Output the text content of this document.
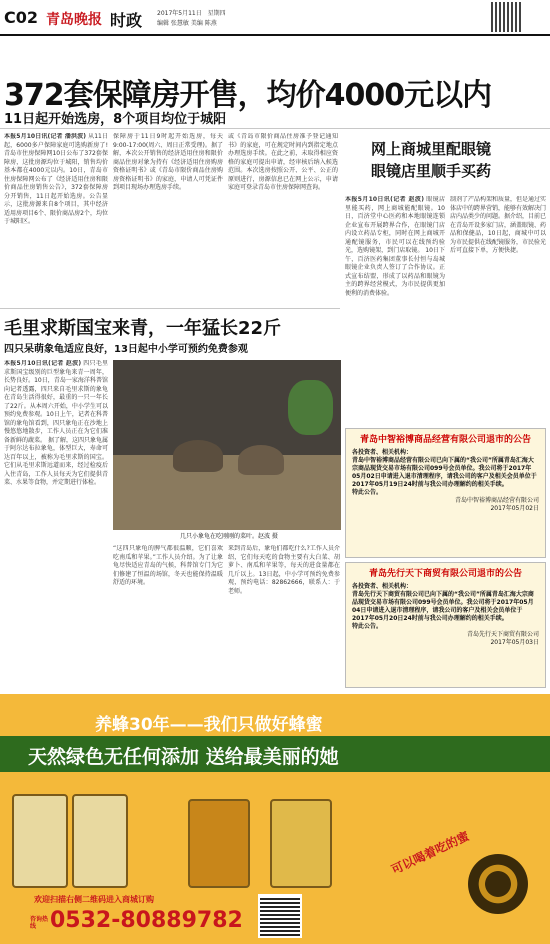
C02 青岛晚报 时政 2017年5月11日 星期四
编辑 张慧敏 美编 陈燕
372套保障房开售，均价4000元以内
11日起开始选房，8个项目均位于城阳
本报5月10日讯(记者 潘洪波) 从11日起，6000多户保障家庭可选购新房了!青岛市住房保障网10日公布了372套保障房，这批房源均位于城阳，销售均价基本都在4000元以内。10日，青岛市住房保障网公布了《经济适用住房和限价商品住房销售公告》，372套保障房分开销售，11日起开始选房。公告显示，这批房源来自8个项目，其中经济适用房项目6个、限价商品房2个，均位于城阳区。
保障房于11日9时起开始选房，每天9:00-17:00(周六、周日正常受理)。据了解，本次公开销售的经济适用住房和限价商品住房对象为持有《经济适用住房购房资格证明书》或《青岛市限价商品住房购房资格证明书》的家庭，申请人可凭证件到项目现场办理选房手续。
或《青岛市限价商品住房准予登记通知书》的家庭，可在规定时间内到指定地点办理选房手续。在此之前，未取得相应资格的家庭可提出申请，经审核后纳入候选范围。本次选房按照公开、公平、公正的原则进行，房源信息已在网上公示，申请家庭可登录青岛市住房保障网查询。
网上商城里配眼镜
眼镜店里顺手买药
本报5月10日讯(记者 赵波) 眼镜店里能买药，网上商城能配眼镜。10日，百济堂中心医药和本地眼镜连锁企业宣布开展跨界合作，在眼镜门店内设立药品专柜，同时在网上商城开通配镜服务，市民可以在线预约验光，选购镜架，到门店取镜。 10日下午，百济医药集团董事长付恒与岛城眼镜企业负责人签订了合作协议。正式宣布结盟，形成了以药品和眼镜为主的跨界经营模式，为市民提供更加便利的消费体验。
制剂了产品构架和质量，但是通过实体店中的跨界营销，能够有效解决门店内品类少的问题。据介绍，目前已在青岛开设多家门店，涵盖眼镜、药品和保健品，10日起，商城中可以为市民提供在线配镜服务，市民验光后可直接下单，方便快捷。
毛里求斯国宝来青，一年猛长22斤
四只呆萌象龟适应良好，13日起中小学可预约免费参观
本报5月10日讯(记者 赵波) 四只毛里求斯国宝级别的巨型象龟来青一周年，长势良好。10日，青岛一家海洋科普馆向记者透露，四只来自毛里求斯的象龟在青岛生活得很好，最重的一只一年长了22斤。从本周六开始，中小学生可以预约免费参观。10日上午，记者在科普馆的象龟馆看到，四只象龟正在沙地上慢悠悠地散步，工作人员正在为它们准备新鲜的蔬菜。 据了解，这四只象龟属于阿尔达布拉象龟，体型巨大，寿命可达百年以上，被称为毛里求斯的国宝。它们从毛里求斯远道而来，经过检疫后入住青岛，工作人员每天为它们提供青菜、水果等食物，并定期进行体检。
几只小象龟在吃刚刚的菜叶。赵波 摄
“这四只象龟的脾气都很温顺，它们喜欢吃南瓜和苹果。”工作人员介绍。为了让象龟尽快适应青岛的气候，科普馆专门为它们修建了恒温的场馆，冬天也能保持温暖舒适的环境。
来到青岛后，象龟们都吃什么?工作人员介绍，它们每天吃的食物主要有大白菜、胡萝卜、南瓜和苹果等，每天的进食量都在几斤以上。13日起，中小学可预约免费参观，预约电话：82862666，联系人：于老师。
青岛中智裕博商品经营有限公司退市的公告
各投资者、相关机构：
青岛中智裕博商品经营有限公司已向下属的“我公司”所属青岛汇海大宗商品现货交易市场有限公司099号会员单位。我公司将于2017年05月02日申请进入退市清理程序，请我公司的客户及相关会员单位于2017年05月19日24时前与我公司办理解约的相关手续。
特此公告。
青岛中智裕博商品经营有限公司
2017年05月02日
青岛先行天下商贸有限公司退市的公告
各投资者、相关机构：
青岛先行天下商贸有限公司已向下属的“我公司”所属青岛汇海大宗商品现货交易市场有限公司099号会员单位。我公司将于2017年05月04日申请进入退市清理程序，请我公司的客户及相关会员单位于2017年05月20日24时前与我公司办理解约的相关手续。
特此公告。
青岛先行天下商贸有限公司
2017年05月03日
养蜂30年——我们只做好蜂蜜
天然绿色无任何添加 送给最美丽的她
可以喝着吃的蜜
欢迎扫描右侧二维码进入商城订购
咨询热线 0532-80889782
